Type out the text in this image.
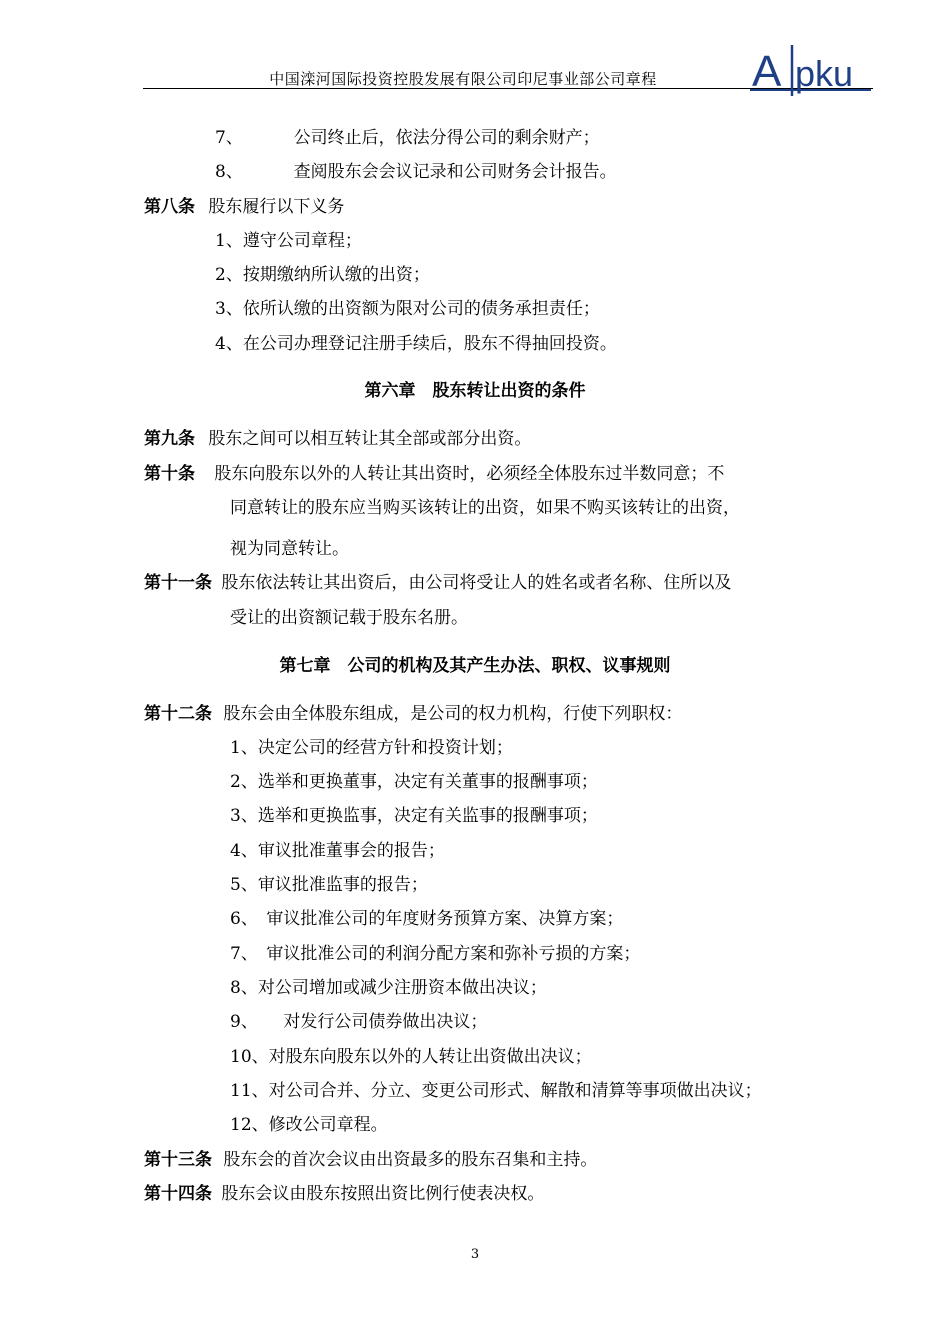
中国滦河国际投资控股发展有限公司印尼事业部公司章程	A pku
7、	公司终止后，依法分得公司的剩余财产；
8、	查阅股东会会议记录和公司财务会计报告。
第八条 股东履行以下义务
1、遵守公司章程；
2、按期缴纳所认缴的出资；
3、依所认缴的出资额为限对公司的债务承担责任；
4、在公司办理登记注册手续后，股东不得抽回投资。
第六章　股东转让出资的条件
第九条 股东之间可以相互转让其全部或部分出资。
第十条 股东向股东以外的人转让其出资时，必须经全体股东过半数同意；不
同意转让的股东应当购买该转让的出资，如果不购买该转让的出资，
视为同意转让。
第十一条 股东依法转让其出资后，由公司将受让人的姓名或者名称、住所以及
受让的出资额记载于股东名册。
第七章　公司的机构及其产生办法、职权、议事规则
第十二条 股东会由全体股东组成，是公司的权力机构，行使下列职权：
1、决定公司的经营方针和投资计划；
2、选举和更换董事，决定有关董事的报酬事项；
3、选举和更换监事，决定有关监事的报酬事项；
4、审议批准董事会的报告；
5、审议批准监事的报告；
6、　审议批准公司的年度财务预算方案、决算方案；
7、　审议批准公司的利润分配方案和弥补亏损的方案；
8、对公司增加或减少注册资本做出决议；
9、　　对发行公司债券做出决议；
10、对股东向股东以外的人转让出资做出决议；
11、对公司合并、分立、变更公司形式、解散和清算等事项做出决议；
12、修改公司章程。
第十三条 股东会的首次会议由出资最多的股东召集和主持。
第十四条 股东会议由股东按照出资比例行使表决权。
3
